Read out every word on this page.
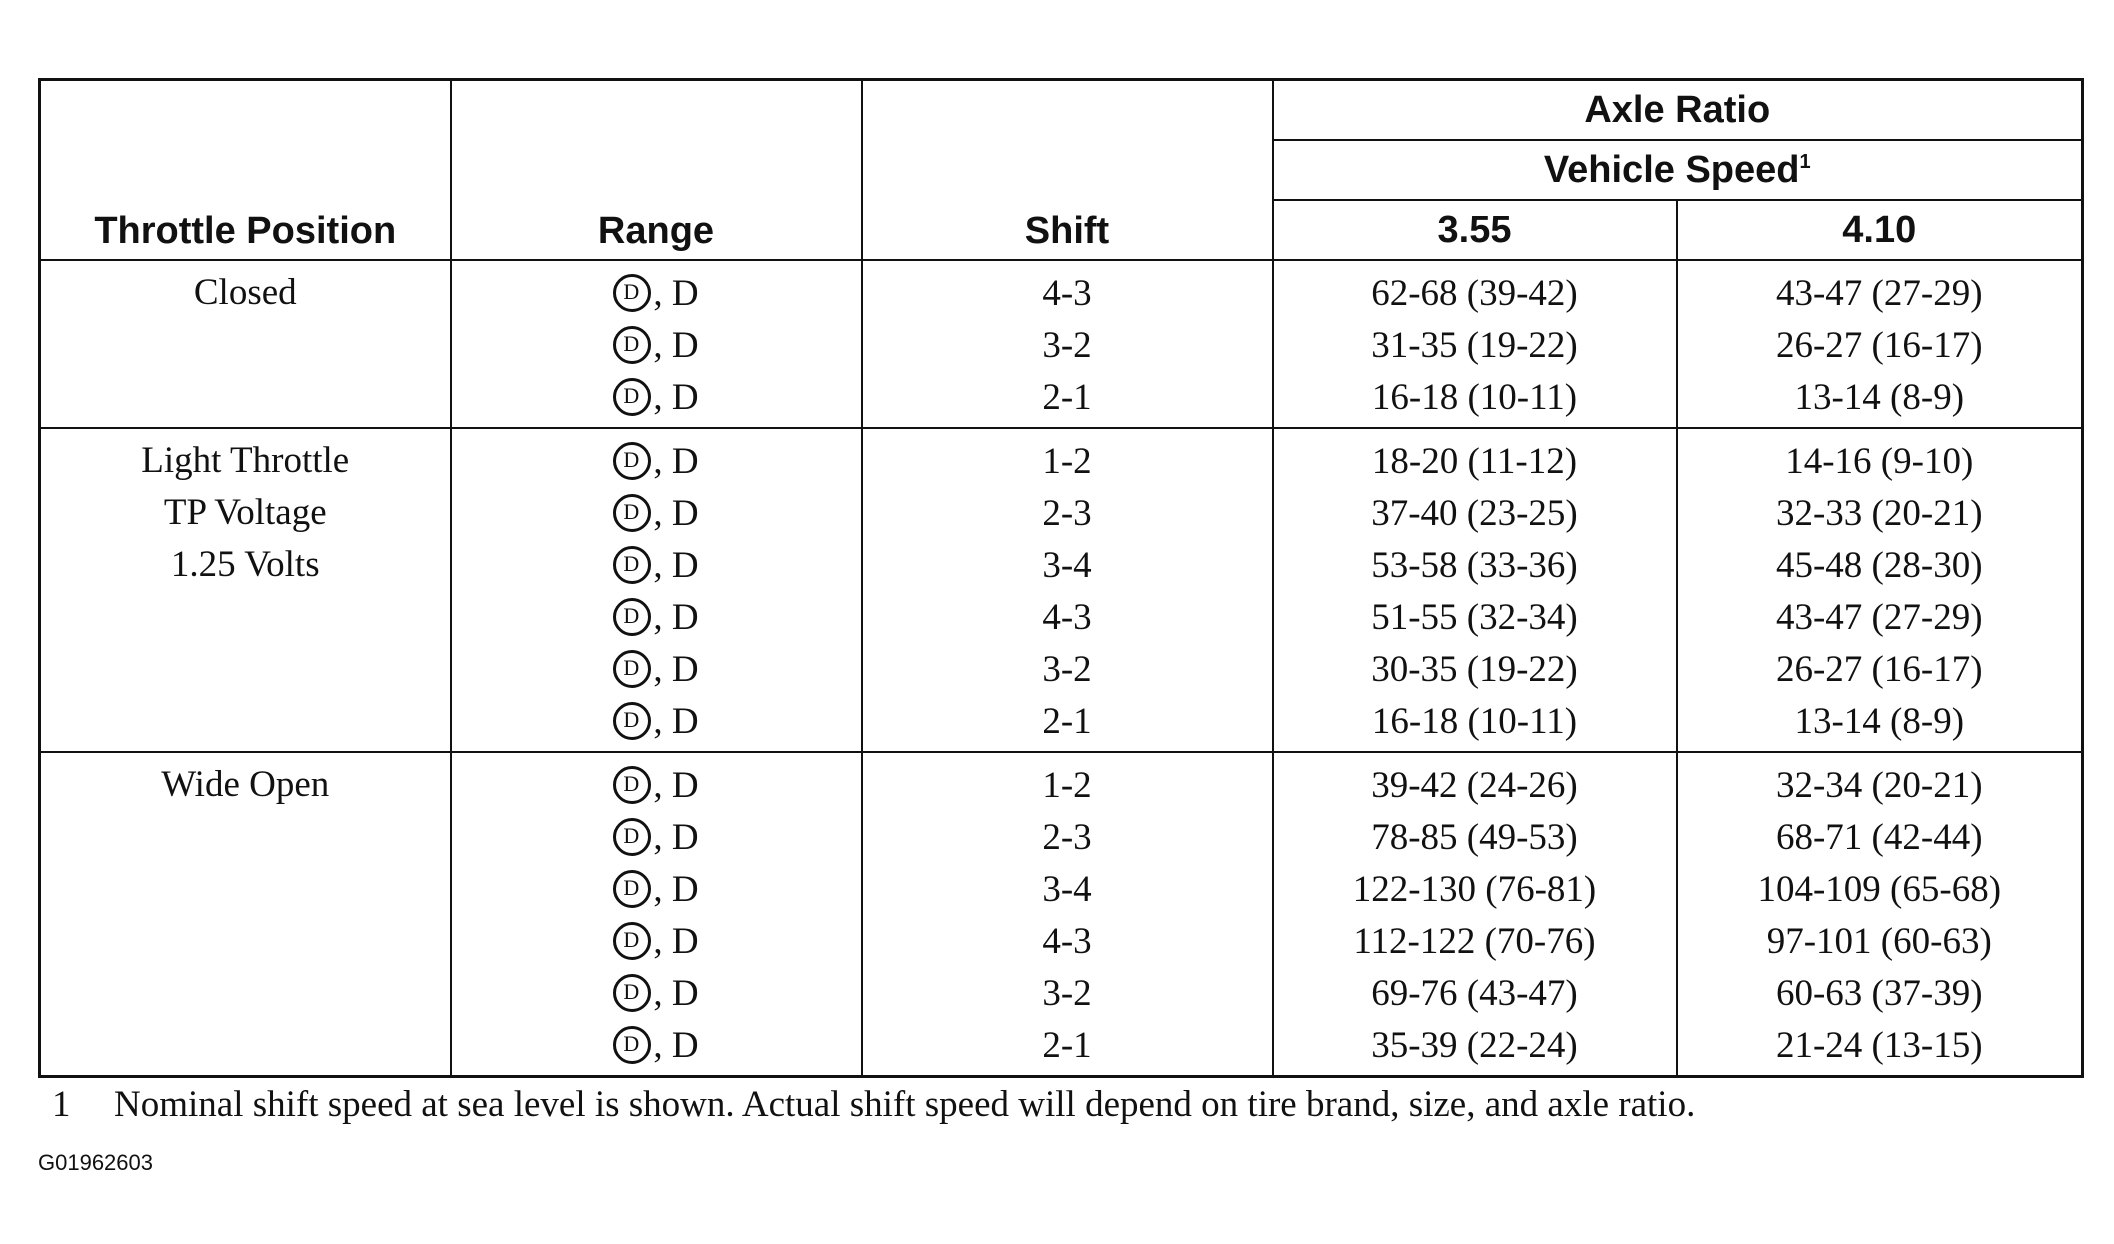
Throttle Position	Range	Shift	Axle Ratio	
			Vehicle Speed$^1$
			3.55	4.10

Closed	D , D	4-3	62-68 (39-42)	43-47 (27-29)

	D , D	3-2	31-35 (19-22)	26-27 (16-17)

	D , D	2-1	16-18 (10-11)	13-14 (8-9)

Light Throttle
TP Voltage
1.25 Volts	D , D	1-2	18-20 (11-12)	14-16 (9-10)

	D , D	2-3	37-40 (23-25)	32-33 (20-21)

	D , D	3-4	53-58 (33-36)	45-48 (28-30)

	D , D	4-3	51-55 (32-34)	43-47 (27-29)

	D , D	3-2	30-35 (19-22)	26-27 (16-17)

	D , D	2-1	16-18 (10-11)	13-14 (8-9)

Wide Open	D , D	1-2	39-42 (24-26)	32-34 (20-21)

	D , D	2-3	78-85 (49-53)	68-71 (42-44)

	D , D	3-4	122-130 (76-81)	104-109 (65-68)

	D , D	4-3	112-122 (70-76)	97-101 (60-63)

	D , D	3-2	69-76 (43-47)	60-63 (37-39)

	D , D	2-1	35-39 (22-24)	21-24 (13-15)
1 Nominal shift speed at sea level is shown. Actual shift speed will depend on tire brand, size, and axle ratio.
G01962603
